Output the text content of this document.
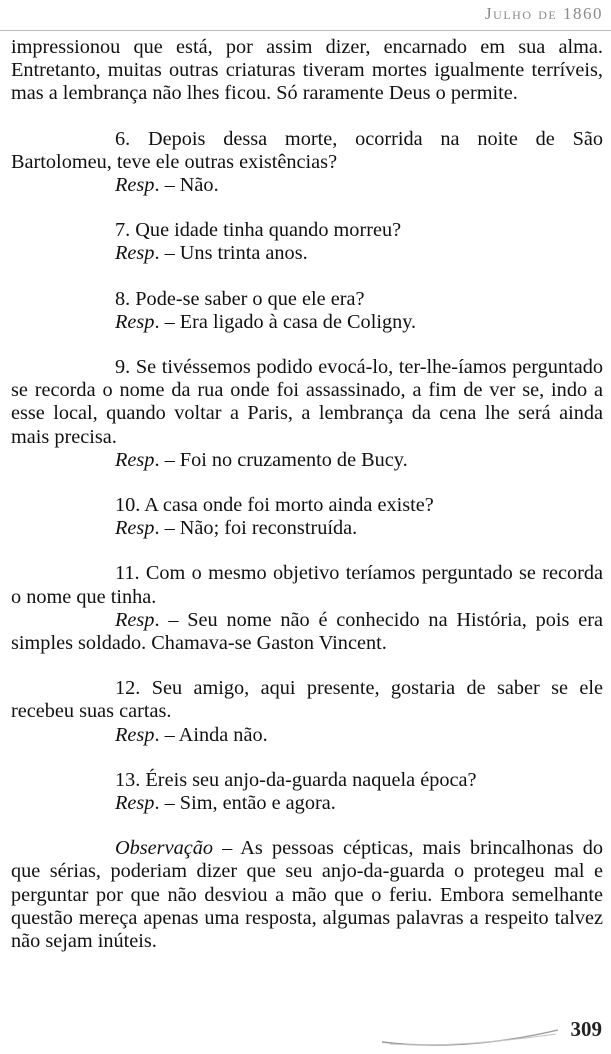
Julho de 1860

impressionou que está, por assim dizer, encarnado em sua alma. Entretanto, muitas outras criaturas tiveram mortes igualmente terríveis, mas a lembrança não lhes ficou. Só raramente Deus o permite.

6. Depois dessa morte, ocorrida na noite de São Bartolomeu, teve ele outras existências?

Resp. – Não.

7. Que idade tinha quando morreu?

Resp. – Uns trinta anos.

8. Pode-se saber o que ele era?

Resp. – Era ligado à casa de Coligny.

9. Se tivéssemos podido evocá-lo, ter-lhe-íamos perguntado se recorda o nome da rua onde foi assassinado, a fim de ver se, indo a esse local, quando voltar a Paris, a lembrança da cena lhe será ainda mais precisa.

Resp. – Foi no cruzamento de Bucy.

10. A casa onde foi morto ainda existe?

Resp. – Não; foi reconstruída.

11. Com o mesmo objetivo teríamos perguntado se recorda o nome que tinha.

Resp. – Seu nome não é conhecido na História, pois era simples soldado. Chamava-se Gaston Vincent.

12. Seu amigo, aqui presente, gostaria de saber se ele recebeu suas cartas.

Resp. – Ainda não.

13. Éreis seu anjo-da-guarda naquela época?

Resp. – Sim, então e agora.

Observação – As pessoas cépticas, mais brincalhonas do que sérias, poderiam dizer que seu anjo-da-guarda o protegeu mal e perguntar por que não desviou a mão que o feriu. Embora semelhante questão mereça apenas uma resposta, algumas palavras a respeito talvez não sejam inúteis.

309
